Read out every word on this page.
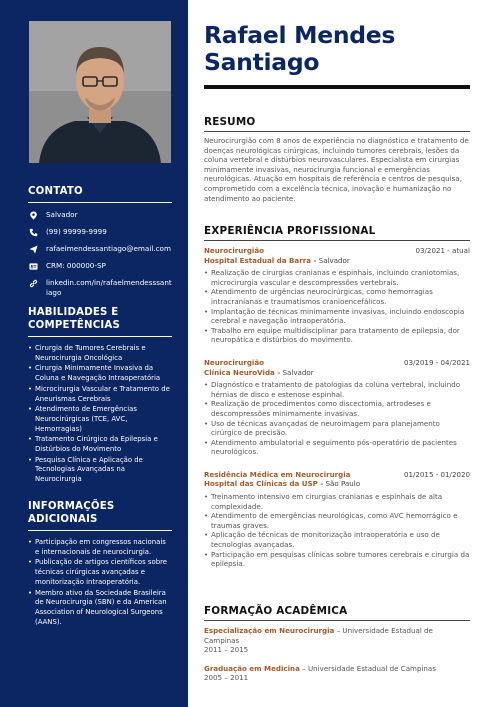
CONTATO
Salvador
(99) 99999-9999
rafaelmendessantiago@email.com
CRM: 000000-SP
linkedin.com/in/rafaelmendesssantiago
HABILIDADES E COMPETÊNCIAS
• Cirurgia de Tumores Cerebrais e Neurocirurgia Oncológica
• Cirurgia Minimamente Invasiva da Coluna e Navegação Intraoperatória
• Microcirurgia Vascular e Tratamento de Aneurismas Cerebrais
• Atendimento de Emergências Neurocirúrgicas (TCE, AVC, Hemorragias)
• Tratamento Cirúrgico da Epilepsia e Distúrbios do Movimento
• Pesquisa Clínica e Aplicação de Tecnologias Avançadas na Neurocirurgia
INFORMAÇÕES ADICIONAIS
• Participação em congressos nacionais e internacionais de neurocirurgia.
• Publicação de artigos científicos sobre técnicas cirúrgicas avançadas e monitorização intraoperatória.
• Membro ativo da Sociedade Brasileira de Neurocirurgia (SBN) e da American Association of Neurological Surgeons (AANS).
Rafael Mendes
Santiago
RESUMO
Neurocirurgião com 8 anos de experiência no diagnóstico e tratamento de doenças neurológicas cirúrgicas, incluindo tumores cerebrais, lesões da coluna vertebral e distúrbios neurovasculares. Especialista em cirurgias minimamente invasivas, neurocirurgia funcional e emergências neurológicas. Atuação em hospitais de referência e centros de pesquisa, comprometido com a excelência técnica, inovação e humanização no atendimento ao paciente.
EXPERIÊNCIA PROFISSIONAL
Neurocirurgião	03/2021 - atual
Hospital Estadual da Barra - Salvador
• Realização de cirurgias cranianas e espinhais, incluindo craniotomias, microcirurgia vascular e descompressões vertebrais.
• Atendimento de urgências neurocirúrgicas, como hemorragias intracranianas e traumatismos cranioencefálicos.
• Implantação de técnicas minimamente invasivas, incluindo endoscopia cerebral e navegação intraoperatória.
• Trabalho em equipe multidisciplinar para tratamento de epilepsia, dor neuropática e distúrbios do movimento.
Neurocirurgião	03/2019 - 04/2021
Clínica NeuroVida - Salvador
• Diagnóstico e tratamento de patologias da coluna vertebral, incluindo hérnias de disco e estenose espinhal.
• Realização de procedimentos como discectomia, artrodeses e descompressões minimamente invasivas.
• Uso de técnicas avançadas de neuroimagem para planejamento cirúrgico de precisão.
• Atendimento ambulatorial e seguimento pós-operatório de pacientes neurológicos.
Residência Médica em Neurocirurgia	01/2015 - 01/2020
Hospital das Clínicas da USP - São Paulo
• Treinamento intensivo em cirurgias cranianas e espinhais de alta complexidade.
• Atendimento de emergências neurológicas, como AVC hemorrágico e traumas graves.
• Aplicação de técnicas de monitorização intraoperatória e uso de tecnologias avançadas.
• Participação em pesquisas clínicas sobre tumores cerebrais e cirurgia da epilepsia.
FORMAÇÃO ACADÊMICA
Especialização em Neurocirurgia – Universidade Estadual de Campinas
2011 – 2015
Graduação em Medicina – Universidade Estadual de Campinas
2005 – 2011
